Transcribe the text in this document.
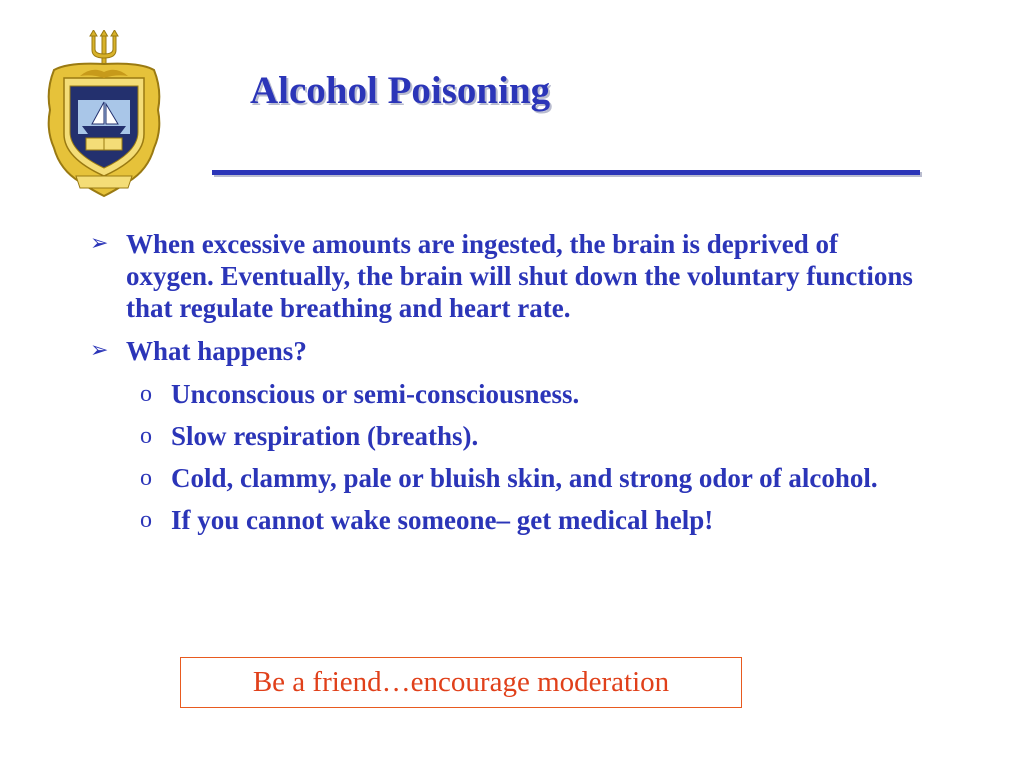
Alcohol Poisoning
➢ When excessive amounts are ingested, the brain is deprived of oxygen. Eventually, the brain will shut down the voluntary functions that regulate breathing and heart rate.
➢ What happens?
o Unconscious or semi-consciousness.
o Slow respiration (breaths).
o Cold, clammy, pale or bluish skin, and strong odor of alcohol.
o If you cannot wake someone– get medical help!
Be a friend…encourage moderation
